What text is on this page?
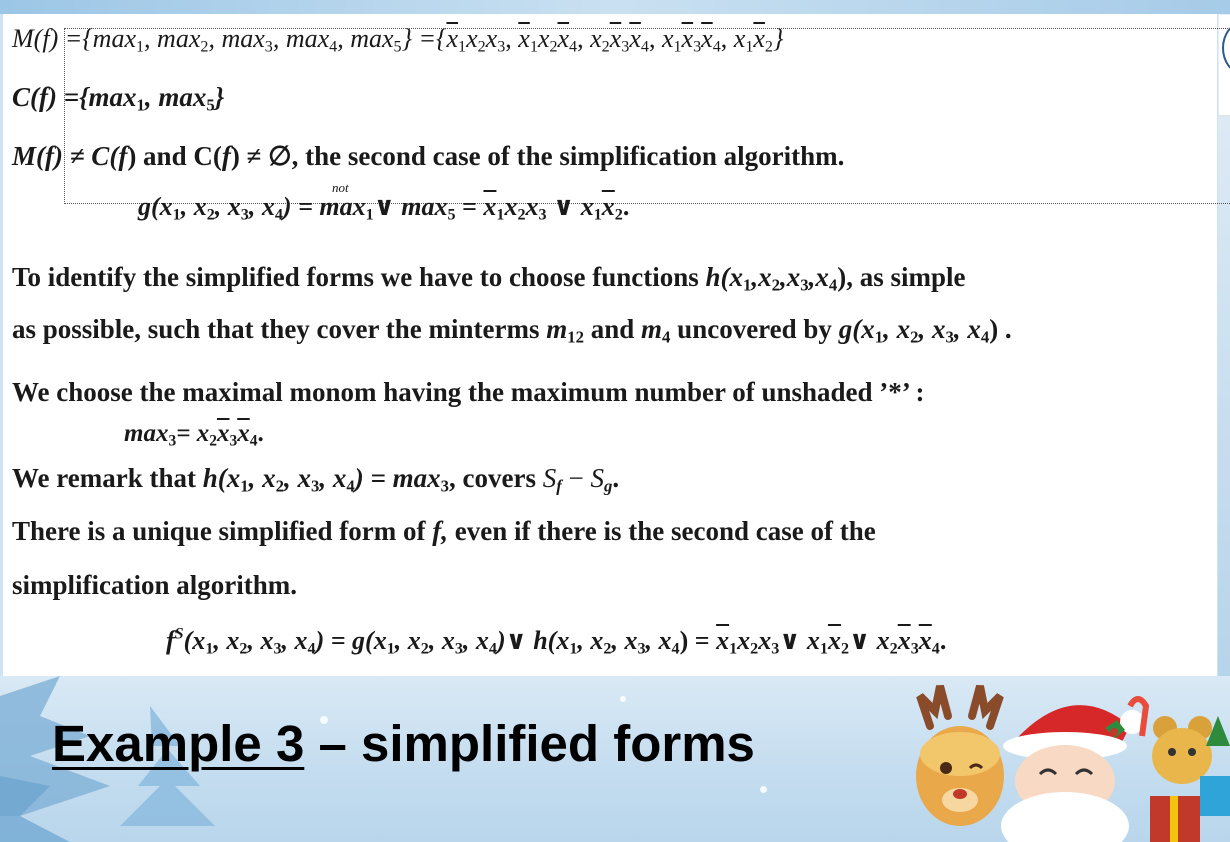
$M(f) =\{\max_1$, $\max_2$, $\max_3$, $\max_4$, $\max_5\} =\{\overline{x}_1x_2x_3$, $\overline{x}_1x_2\overline{x}_4$, $x_2\overline{x}_3\overline{x}_4$, $x_1\overline{x}_3\overline{x}_4$, $x_1\overline{x}_2$}
$C(f) =\{\max_1$, $\max_5$}
M(f) ≠ C(f) and C(f) ≠ ∅, the second case of the simplification algorithm.
not
$g(x_1$, $x_2$, $x_3$, $x_4$) = $\max_1\vee$ $\max_5 = \overline{x}_1x_2x_3$ ∨ $x_1\overline{x}_2$.
To identify the simplified forms we have to choose functions $h(x_1,x_2,x_3,x_4)$, as simple
as possible, such that they cover the minterms $m_{12}$ and $m_4$ uncovered by $g(x_1$, $x_2$, $x_3$, $x_4$) .
We choose the maximal monom having the maximum number of unshaded ’*’ :
$\max_3= x_2\overline{x}_3\overline{x}_4$.
We remark that $h(x_1$, $x_2$, $x_3$, $x_4) = \max_3$, covers $S_f - S_g$.
There is a unique simplified form of f, even if there is the second case of the
simplification algorithm.
$f^S(x_1$, $x_2$, $x_3$, $x_4) = g(x_1$, $x_2$, $x_3$, $x_4)\vee$ $h(x_1$, $x_2$, $x_3$, $x_4$) = $\overline{x}_1x_2x_3\vee$ $x_1\overline{x}_2\vee$ $x_2\overline{x}_3\overline{x}_4$.
Example 3 – simplified forms
